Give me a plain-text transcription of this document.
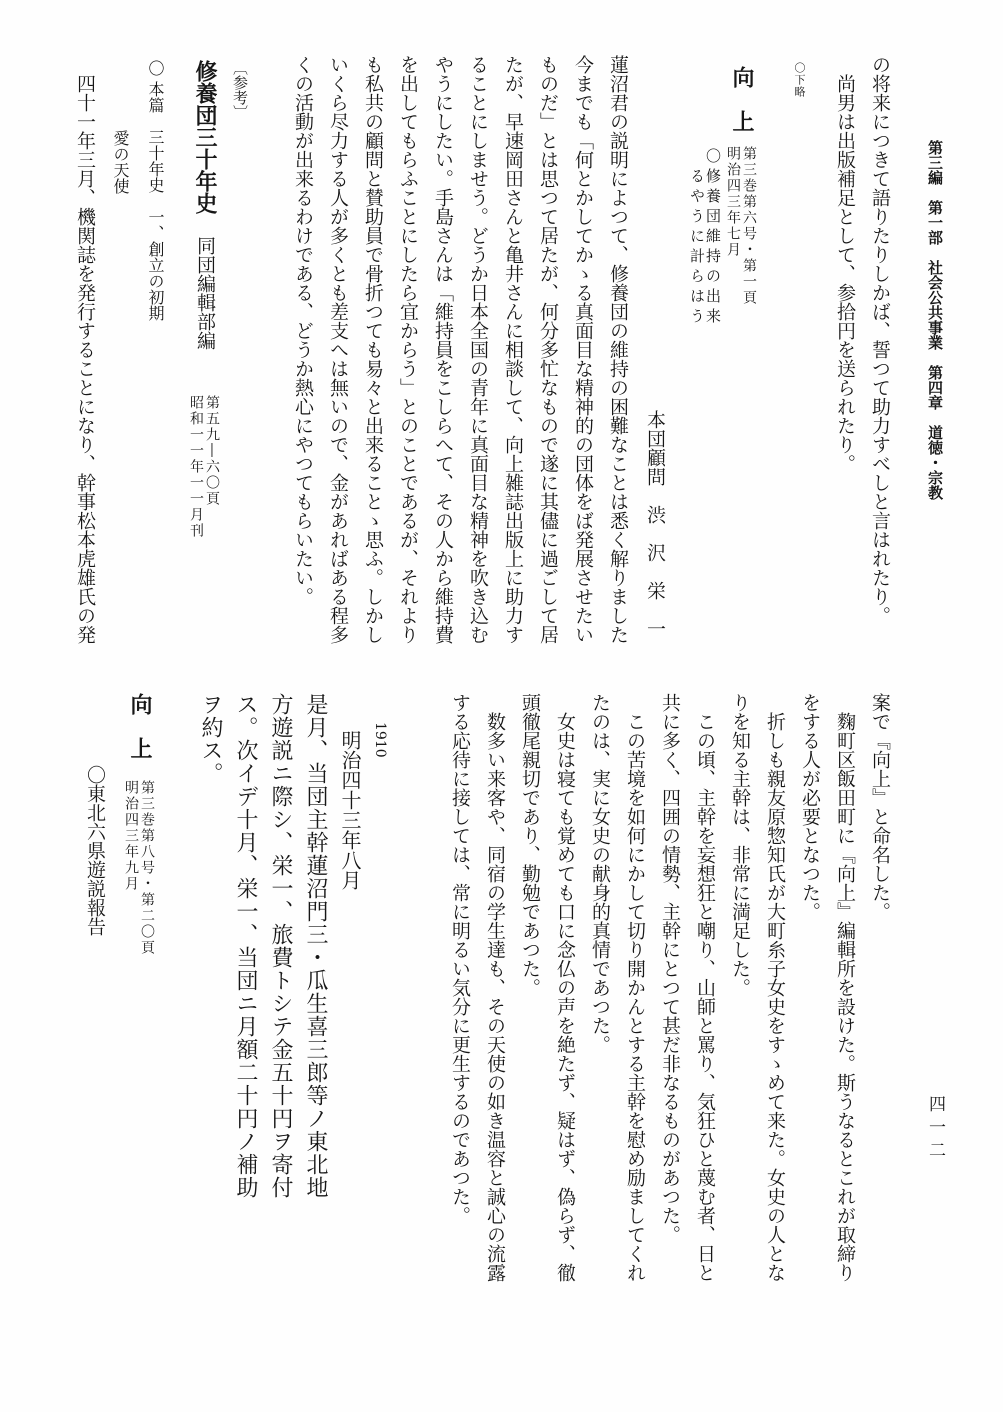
第三編　第一部　社会公共事業　第四章　道徳・宗教
四一二
の将来につきて語りたりしかば、誓つて助力すべしと言はれたり。
尚男は出版補足として、参拾円を送られたり。
〇下略
向　上
第三巻第六号・第一頁
明治四三年七月
〇修養団維持の出来
るやうに計らはう
本団顧問　渋　沢　栄　一
蓮沼君の説明によつて、修養団の維持の困難なことは悉く解りました
今までも「何とかしてかゝる真面目な精神的の団体をば発展させたい
ものだ」とは思つて居たが、何分多忙なもので遂に其儘に過ごして居
たが、早速岡田さんと亀井さんに相談して、向上雑誌出版上に助力す
ることにしませう。どうか日本全国の青年に真面目な精神を吹き込む
やうにしたい。手島さんは「維持員をこしらへて、その人から維持費
を出してもらふことにしたら宜からう」とのことであるが、それより
も私共の顧問と賛助員で骨折つても易々と出来ることゝ思ふ。しかし
いくら尽力する人が多くとも差支へは無いので、金があればある程多
くの活動が出来るわけである、どうか熱心にやつてもらいたい。
〔参考〕
修養団三十年史
同団編輯部編
第五九―六〇頁
昭和一一年一一月刊
〇 本篇　三十年史　一、創立の初期
愛の天使
四十一年三月、機関誌を発行することになり、幹事松本虎雄氏の発
案で『向上』と命名した。
麴町区飯田町に『向上』編輯所を設けた。斯うなるとこれが取締り
をする人が必要となつた。
折しも親友原惣知氏が大町糸子女史をすゝめて来た。女史の人とな
りを知る主幹は、非常に満足した。
この頃、主幹を妄想狂と嘲り、山師と罵り、気狂ひと蔑む者、日と
共に多く、四囲の情勢、主幹にとつて甚だ非なるものがあつた。
この苦境を如何にかして切り開かんとする主幹を慰め励ましてくれ
たのは、実に女史の献身的真情であつた。
女史は寝ても覚めても口に念仏の声を絶たず、疑はず、偽らず、徹
頭徹尾親切であり、勤勉であつた。
数多い来客や、同宿の学生達も、その天使の如き温容と誠心の流露
する応待に接しては、常に明るい気分に更生するのであつた。
1910
明治四十三年八月
是月、当団主幹蓮沼門三・瓜生喜三郎等ノ東北地
方遊説ニ際シ、栄一、旅費トシテ金五十円ヲ寄付
ス。次イデ十月、栄一、当団ニ月額二十円ノ補助
ヲ約ス。
向　上
第三巻第八号・第二〇頁
明治四三年九月
〇東北六県遊説報告
